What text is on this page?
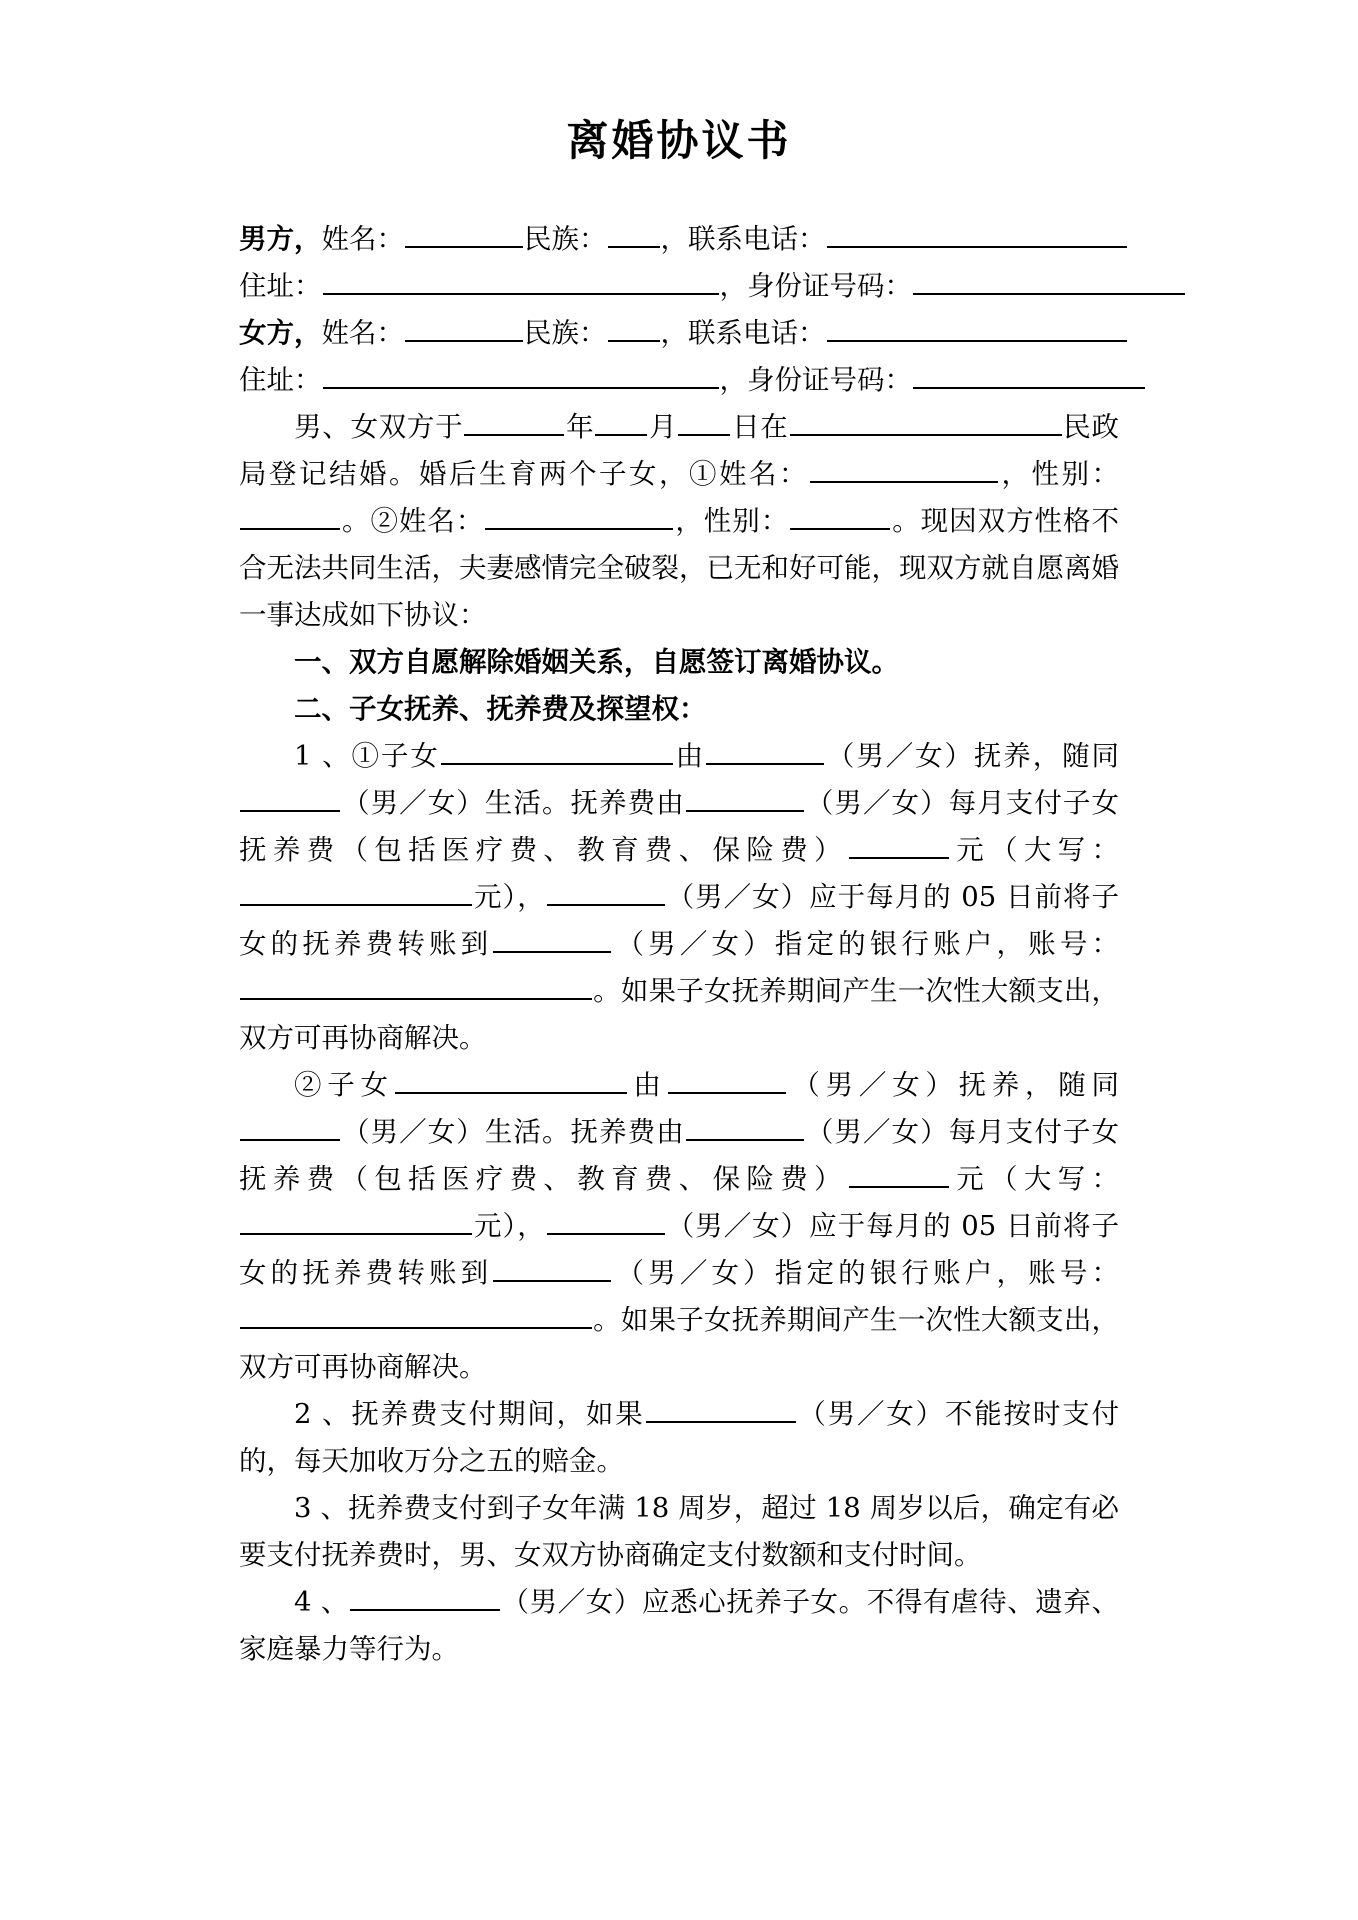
离婚协议书

男方，姓名：	民族： ，联系电话：

住址：	，身份证号码：

女方，姓名：	民族： ，联系电话：

住址：	，身份证号码：

男、女双方于	年 月 日在	民政局登记结婚。婚后生育两个子女，①姓名：	，性别：。②姓名：	，性别：	。现因双方性格不合无法共同生活，夫妻感情完全破裂，已无和好可能，现双方就自愿离婚一事达成如下协议：

一、双方自愿解除婚姻关系，自愿签订离婚协议。

二、子女抚养、抚养费及探望权：

1 、①子女	由	（男／女）抚养，随同（男／女）生活。抚养费由	（男／女）每月支付子女抚养费（包括医疗费、教育费、保险费）	元（大写：元），	（男／女）应于每月的 05 日前将子女的抚养费转账到	（男／女）指定的银行账户，账号：。如果子女抚养期间产生一次性大额支出，双方可再协商解决。

②子女	由	（男／女）抚养，随同（男／女）生活。抚养费由	（男／女）每月支付子女抚养费（包括医疗费、教育费、保险费）	元（大写：元），	（男／女）应于每月的 05 日前将子女的抚养费转账到	（男／女）指定的银行账户，账号：。如果子女抚养期间产生一次性大额支出，双方可再协商解决。

2 、抚养费支付期间，如果	（男／女）不能按时支付的，每天加收万分之五的赔金。

3 、抚养费支付到子女年满 18 周岁，超过 18 周岁以后，确定有必要支付抚养费时，男、女双方协商确定支付数额和支付时间。

4 、	（男／女）应悉心抚养子女。不得有虐待、遗弃、家庭暴力等行为。
